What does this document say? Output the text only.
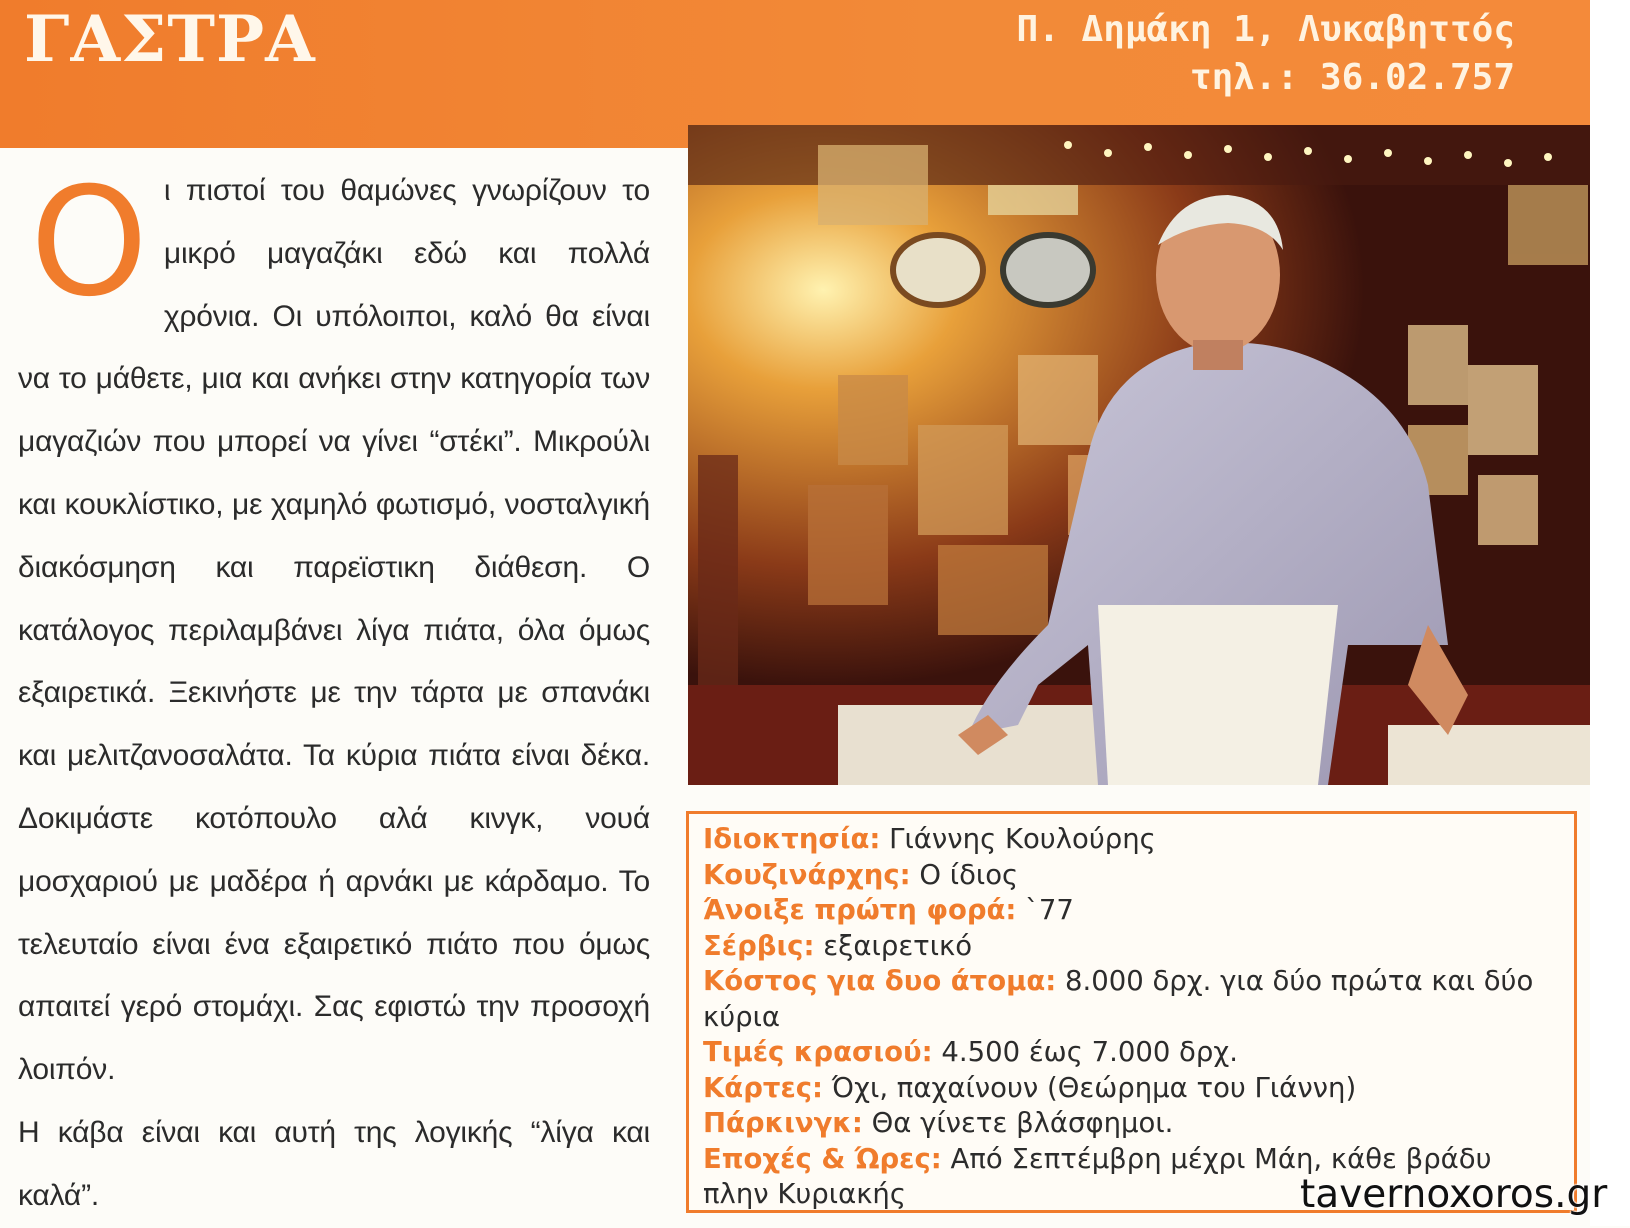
ΓΑΣΤΡΑ	Π. Δημάκη 1, Λυκαβηττός
τηλ.: 36.02.757
Ο ι πιστοί του θαμώνες γνωρίζουν το μικρό μαγαζάκι εδώ και πολλά χρόνια. Οι υπόλοιποι, καλό θα είναι να το μάθετε, μια και ανήκει στην κατηγορία των μαγαζιών που μπορεί να γίνει “στέκι”. Μικρούλι και κουκλίστικο, με χαμηλό φωτισμό, νοσταλγική διακόσμηση και παρεϊστικη διάθεση. Ο κατάλογος περιλαμβάνει λίγα πιάτα, όλα όμως εξαιρετικά. Ξεκινήστε με την τάρτα με σπανάκι και μελιτζανοσαλάτα. Τα κύρια πιάτα είναι δέκα. Δοκιμάστε κοτόπουλο αλά κινγκ, νουά μοσχαριού με μαδέρα ή αρνάκι με κάρδαμο. Το τελευταίο είναι ένα εξαιρετικό πιάτο που όμως απαιτεί γερό στομάχι. Σας εφιστώ την προσοχή λοιπόν.
Η κάβα είναι και αυτή της λογικής “λίγα και καλά”.
Ιδιοκτησία: Γιάννης Κουλούρης
Κουζινάρχης: Ο ίδιος
Άνοιξε πρώτη φορά: `77
Σέρβις: εξαιρετικό
Κόστος για δυο άτομα: 8.000 δρχ. για δύο πρώτα και δύο κύρια
Τιμές κρασιού: 4.500 έως 7.000 δρχ.
Κάρτες: Όχι, παχαίνουν (Θεώρημα του Γιάννη)
Πάρκινγκ: Θα γίνετε βλάσφημοι.
Εποχές & Ώρες: Από Σεπτέμβρη μέχρι Μάη, κάθε βράδυ πλην Κυριακής	tavernoxoros.gr
